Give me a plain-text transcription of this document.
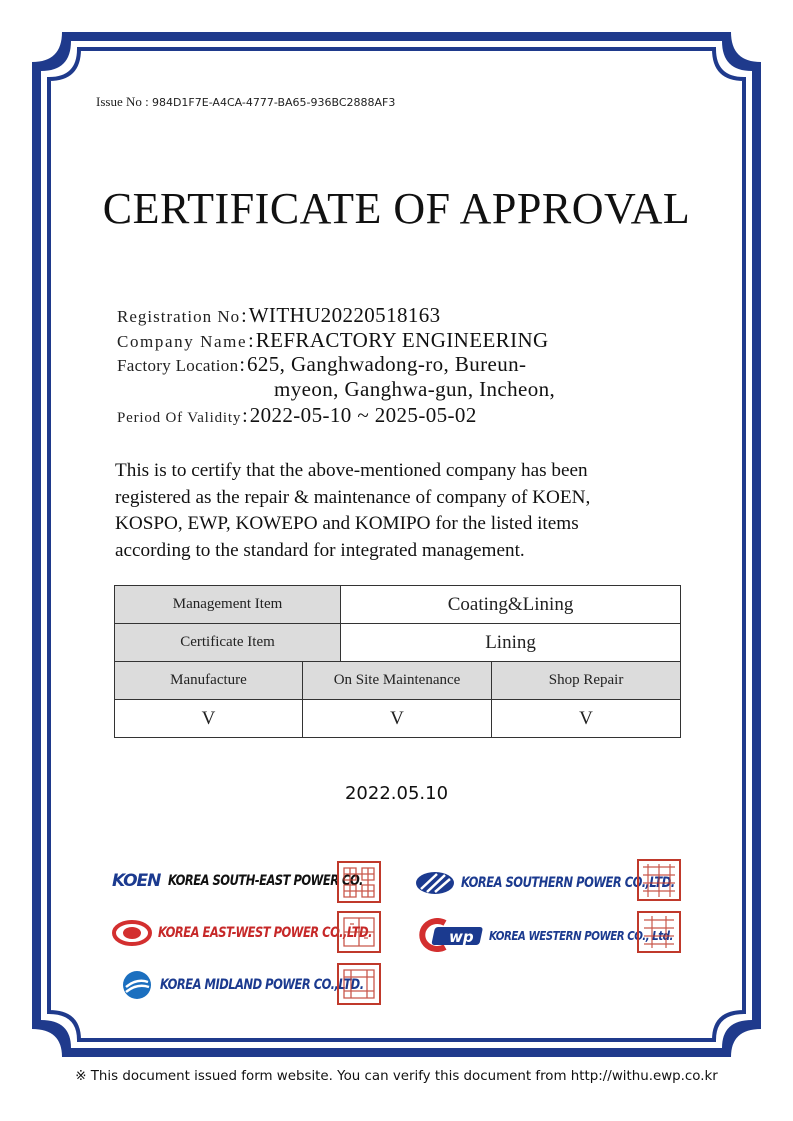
Issue No : 984D1F7E-A4CA-4777-BA65-936BC2888AF3
CERTIFICATE OF APPROVAL
Registration No : WITHU20220518163
Company Name : REFRACTORY ENGINEERING
Factory Location : 625, Ganghwadong-ro, Bureun-
myeon, Ganghwa-gun, Incheon,
Period Of Validity : 2022-05-10 ~ 2025-05-02
This is to certify that the above-mentioned company has been
registered as the repair & maintenance of company of KOEN,
KOSPO, EWP, KOWEPO and KOMIPO for the listed items
according to the standard for integrated management.
Management Item		Coating&Lining	
Certificate Item		Lining	
Manufacture	On Site Maintenance		Shop Repair
V	V		V
2022.05.10
KOEN KOREA SOUTH-EAST POWER CO.	KOREA SOUTHERN POWER CO.,LTD.
KOREA EAST-WEST POWER CO.,LTD.	wp KOREA WESTERN POWER CO., Ltd.
KOREA MIDLAND POWER CO.,LTD.
※ This document issued form website. You can verify this document from http://withu.ewp.co.kr
